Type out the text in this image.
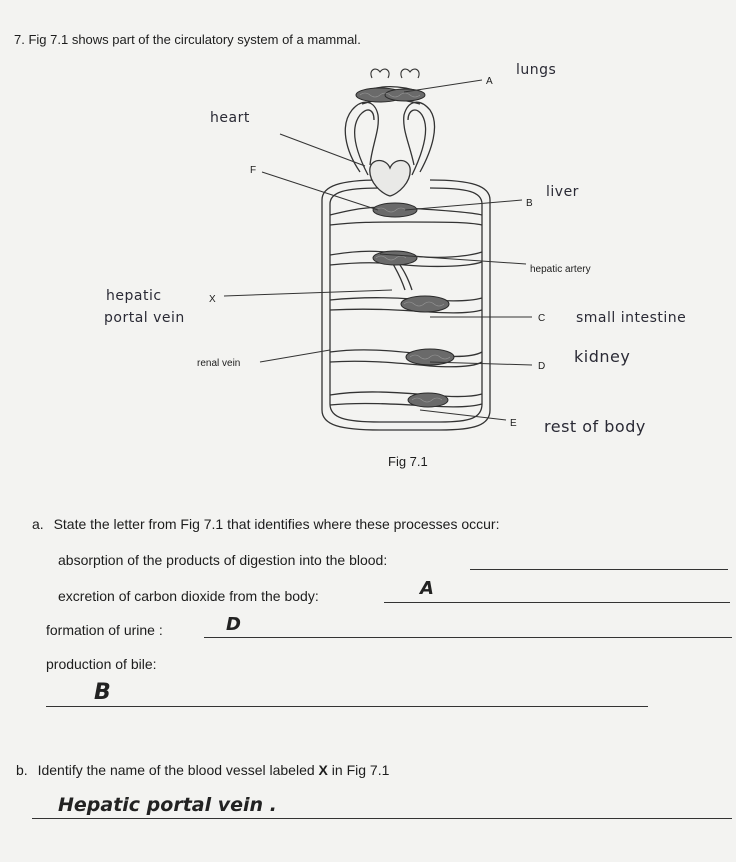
7. Fig 7.1 shows part of the circulatory system of a mammal.
A
F
B
hepatic artery
X
C
renal vein	D
E
lungs
heart
liver
hepatic
portal vein	small intestine
kidney
rest of body
Fig 7.1
a. State the letter from Fig 7.1 that identifies where these processes occur:
absorption of the products of digestion into the blood:
excretion of carbon dioxide from the body:	A
formation of urine :	D
production of bile:
B
b. Identify the name of the blood vessel labeled X in Fig 7.1
Hepatic portal vein .
